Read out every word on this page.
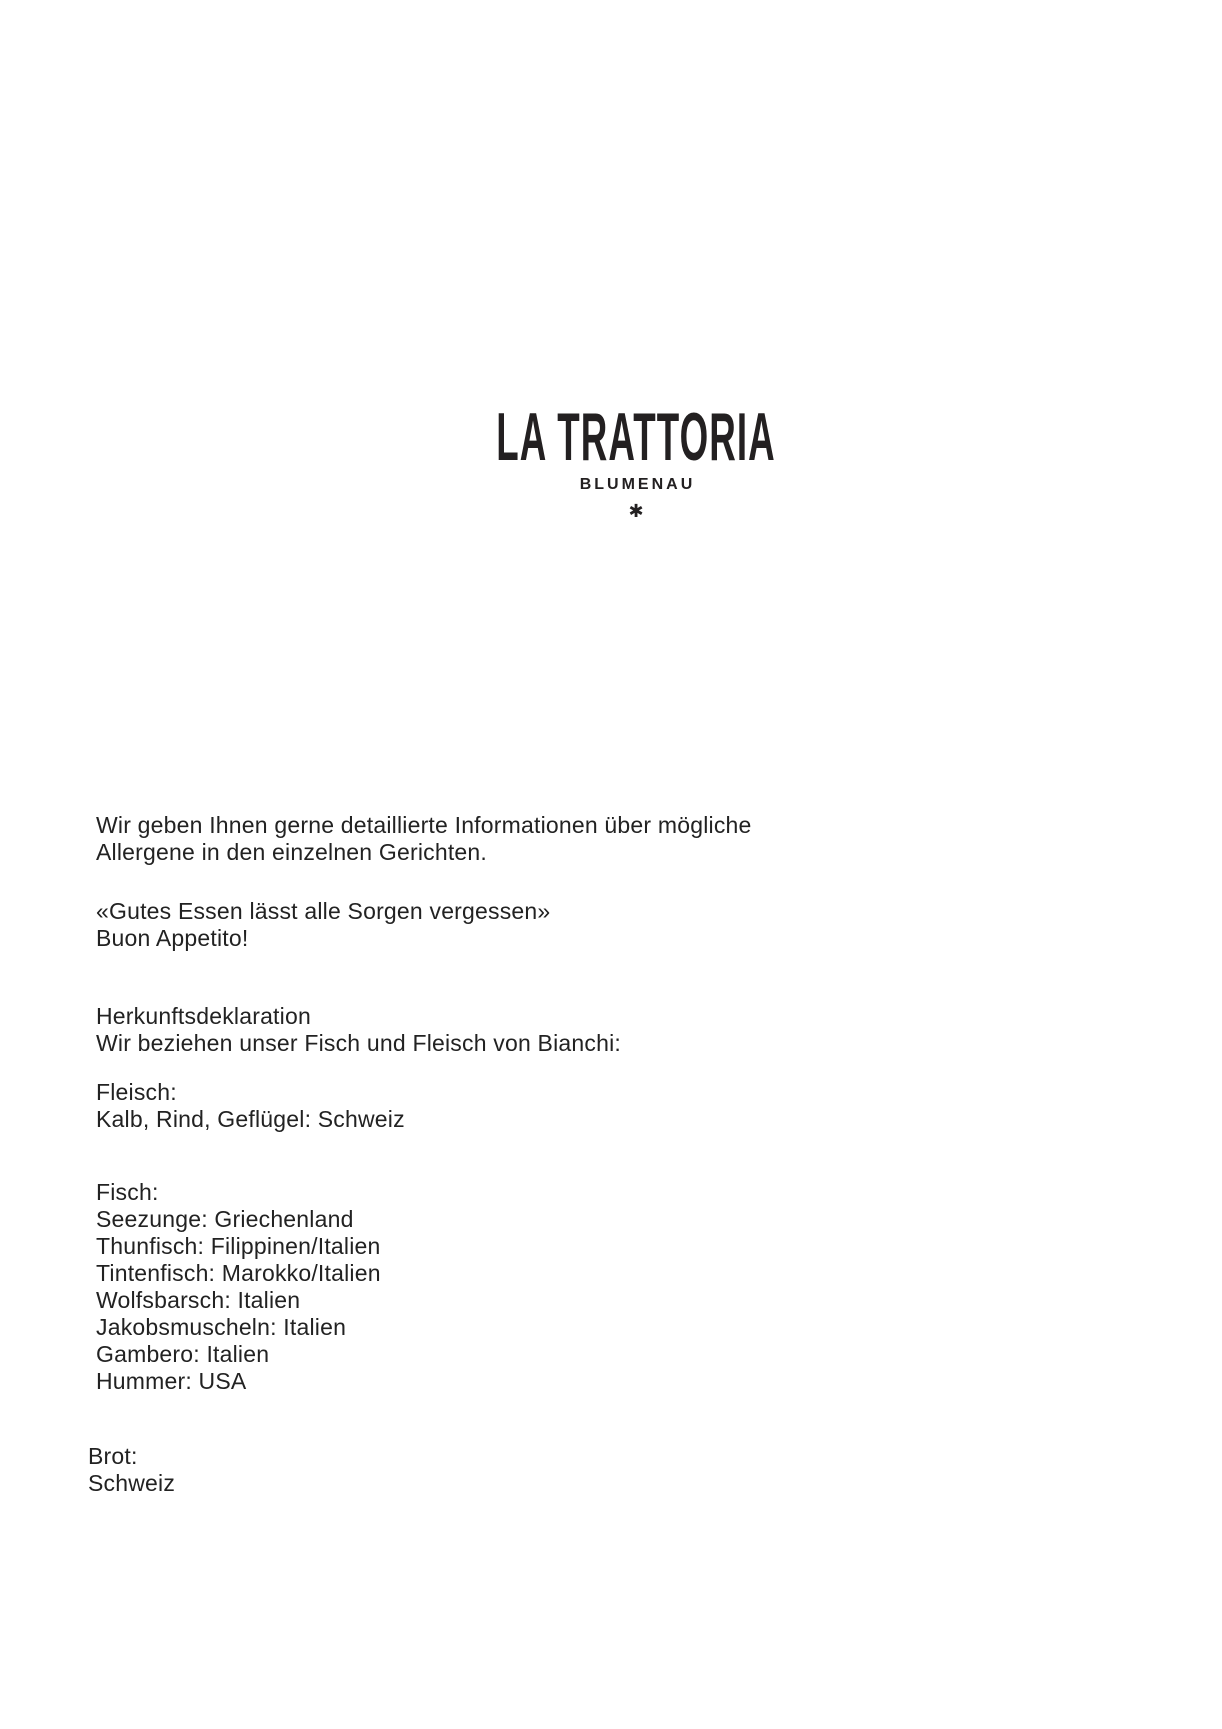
LA TRATTORIA
BLUMENAU
✱
Wir geben Ihnen gerne detaillierte Informationen über mögliche
Allergene in den einzelnen Gerichten.
«Gutes Essen lässt alle Sorgen vergessen»
Buon Appetito!
Herkunftsdeklaration
Wir beziehen unser Fisch und Fleisch von Bianchi:
Fleisch:
Kalb, Rind, Geflügel: Schweiz
Fisch:
Seezunge: Griechenland
Thunfisch: Filippinen/Italien
Tintenfisch: Marokko/Italien
Wolfsbarsch: Italien
Jakobsmuscheln: Italien
Gambero: Italien
Hummer: USA
Brot:
Schweiz
